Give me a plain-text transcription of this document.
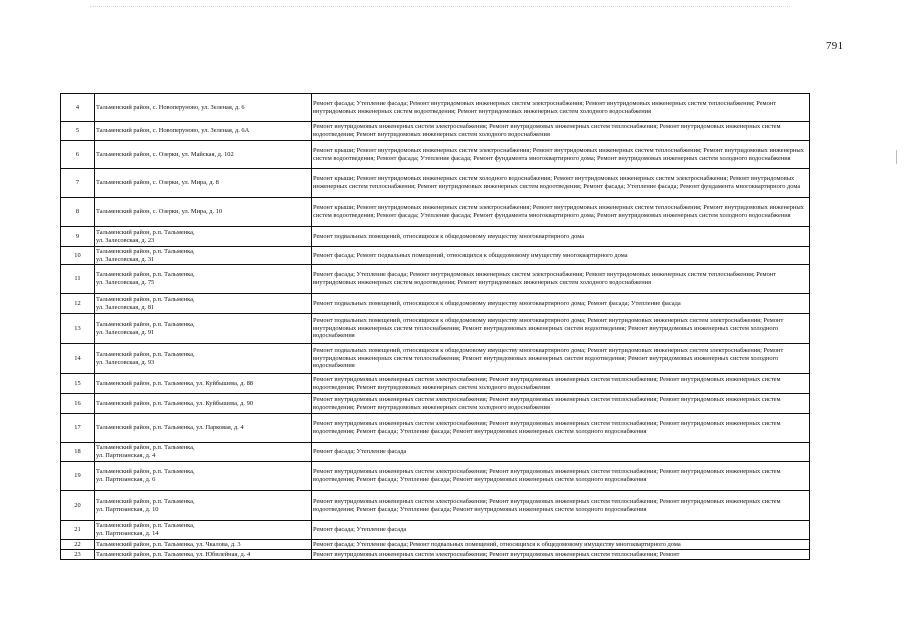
791
4	Тальменский район, с. Новоперуново, ул. Зеленая, д. 6	Ремонт фасада; Утепление фасада; Ремонт внутридомовых инженерных систем электроснабжения; Ремонт внутридомовых инженерных систем теплоснабжения; Ремонт внутридомовых инженерных систем водоотведения; Ремонт внутридомовых инженерных систем холодного водоснабжения
5	Тальменский район, с. Новоперуново, ул. Зеленая, д. 6А	Ремонт внутридомовых инженерных систем электроснабжения; Ремонт внутридомовых инженерных систем теплоснабжения; Ремонт внутридомовых инженерных систем водоотведения; Ремонт внутридомовых инженерных систем холодного водоснабжения
6	Тальменский район, с. Озерки, ул. Майская, д. 102	Ремонт крыши; Ремонт внутридомовых инженерных систем электроснабжения; Ремонт внутридомовых инженерных систем теплоснабжения; Ремонт внутридомовых инженерных систем водоотведения; Ремонт фасада; Утепление фасада; Ремонт фундамента многоквартирного дома; Ремонт внутридомовых инженерных систем холодного водоснабжения
7	Тальменский район, с. Озерки, ул. Мира, д. 8	Ремонт крыши; Ремонт внутридомовых инженерных систем холодного водоснабжения; Ремонт внутридомовых инженерных систем электроснабжения; Ремонт внутридомовых инженерных систем теплоснабжения; Ремонт внутридомовых инженерных систем водоотведения; Ремонт фасада; Утепление фасада; Ремонт фундамента многоквартирного дома
8	Тальменский район, с. Озерки, ул. Мира, д. 10	Ремонт крыши; Ремонт внутридомовых инженерных систем электроснабжения; Ремонт внутридомовых инженерных систем теплоснабжения; Ремонт внутридомовых инженерных систем водоотведения; Ремонт фасада; Утепление фасада; Ремонт фундамента многоквартирного дома; Ремонт внутридомовых инженерных систем холодного водоснабжения
9	Тальменский район, р.п. Тальменка,
ул. Залесовская, д. 23	Ремонт подвальных помещений, относящихся к общедомовому имуществу многоквартирного дома
10	Тальменский район, р.п. Тальменка,
ул. Залесовская, д. 31	Ремонт фасада; Ремонт подвальных помещений, относящихся к общедомовому имуществу многоквартирного дома
11	Тальменский район, р.п. Тальменка,
ул. Залесовская, д. 75	Ремонт фасада; Утепление фасада; Ремонт внутридомовых инженерных систем электроснабжения; Ремонт внутридомовых инженерных систем теплоснабжения; Ремонт внутридомовых инженерных систем водоотведения; Ремонт внутридомовых инженерных систем холодного водоснабжения
12	Тальменский район, р.п. Тальменка,
ул. Залесовская, д. 81	Ремонт подвальных помещений, относящихся к общедомовому имуществу многоквартирного дома; Ремонт фасада; Утепление фасада
13	Тальменский район, р.п. Тальменка,
ул. Залесовская, д. 91	Ремонт подвальных помещений, относящихся к общедомовому имуществу многоквартирного дома; Ремонт внутридомовых инженерных систем электроснабжения; Ремонт внутридомовых инженерных систем теплоснабжения; Ремонт внутридомовых инженерных систем водоотведения; Ремонт внутридомовых инженерных систем холодного водоснабжения
14	Тальменский район, р.п. Тальменка,
ул. Залесовская, д. 93	Ремонт подвальных помещений, относящихся к общедомовому имуществу многоквартирного дома; Ремонт внутридомовых инженерных систем электроснабжения; Ремонт внутридомовых инженерных систем теплоснабжения; Ремонт внутридомовых инженерных систем водоотведения; Ремонт внутридомовых инженерных систем холодного водоснабжения
15	Тальменский район, р.п. Тальменка, ул. Куйбышева, д. 88	Ремонт внутридомовых инженерных систем электроснабжения; Ремонт внутридомовых инженерных систем теплоснабжения; Ремонт внутридомовых инженерных систем водоотведения; Ремонт внутридомовых инженерных систем холодного водоснабжения
16	Тальменский район, р.п. Тальменка, ул. Куйбышева, д. 90	Ремонт внутридомовых инженерных систем электроснабжения; Ремонт внутридомовых инженерных систем теплоснабжения; Ремонт внутридомовых инженерных систем водоотведения; Ремонт внутридомовых инженерных систем холодного водоснабжения
17	Тальменский район, р.п. Тальменка, ул. Парковая, д. 4	Ремонт внутридомовых инженерных систем электроснабжения; Ремонт внутридомовых инженерных систем теплоснабжения; Ремонт внутридомовых инженерных систем водоотведения; Ремонт фасада; Утепление фасада; Ремонт внутридомовых инженерных систем холодного водоснабжения
18	Тальменский район, р.п. Тальменка,
ул. Партизанская, д. 4	Ремонт фасада; Утепление фасада
19	Тальменский район, р.п. Тальменка,
ул. Партизанская, д. 6	Ремонт внутридомовых инженерных систем электроснабжения; Ремонт внутридомовых инженерных систем теплоснабжения; Ремонт внутридомовых инженерных систем водоотведения; Ремонт фасада; Утепление фасада; Ремонт внутридомовых инженерных систем холодного водоснабжения
20	Тальменский район, р.п. Тальменка,
ул. Партизанская, д. 10	Ремонт внутридомовых инженерных систем электроснабжения; Ремонт внутридомовых инженерных систем теплоснабжения; Ремонт внутридомовых инженерных систем водоотведения; Ремонт фасада; Утепление фасада; Ремонт внутридомовых инженерных систем холодного водоснабжения
21	Тальменский район, р.п. Тальменка,
ул. Партизанская, д. 14	Ремонт фасада; Утепление фасада
22	Тальменский район, р.п. Тальменка, ул. Чкалова, д. 3	Ремонт фасада; Утепление фасада; Ремонт подвальных помещений, относящихся к общедомовому имуществу многоквартирного дома
23	Тальменский район, р.п. Тальменка, ул. Юбилейная, д. 4	Ремонт внутридомовых инженерных систем электроснабжения; Ремонт внутридомовых инженерных систем теплоснабжения; Ремонт
